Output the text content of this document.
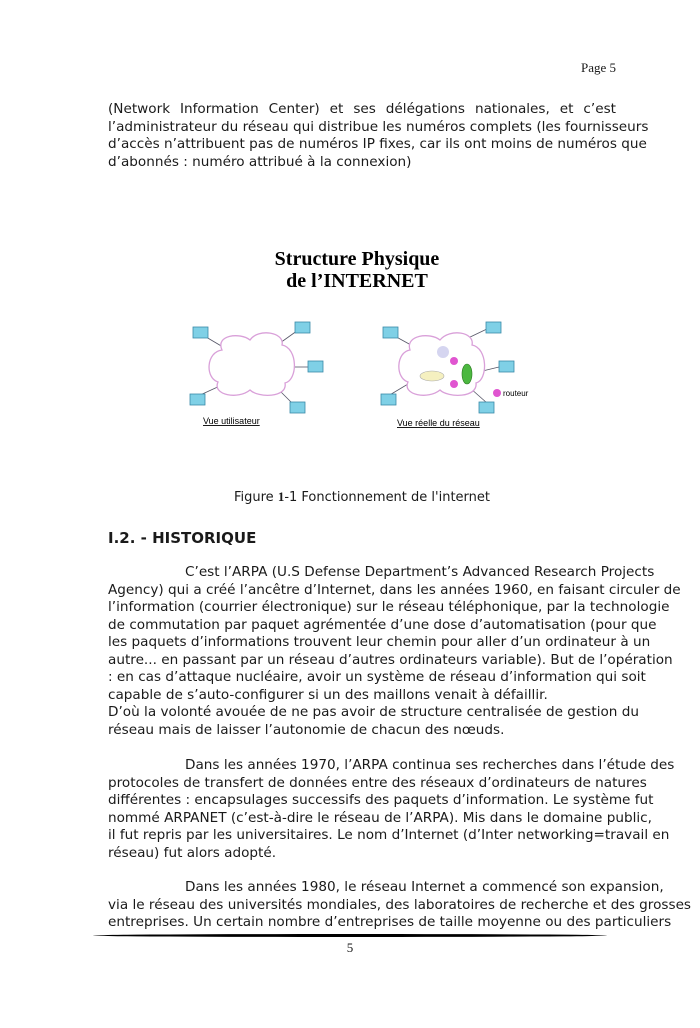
Page 5
(Network Information Center) et ses délégations nationales, et c’est
l’administrateur du réseau qui distribue les numéros complets (les fournisseurs
d’accès n’attribuent pas de numéros IP fixes, car ils ont moins de numéros que
d’abonnés : numéro attribué à la connexion)
Structure Physique
de l’INTERNET
Vue utilisateur
routeur
Vue réelle du réseau
Figure 1-1 Fonctionnement de l'internet
I.2. - HISTORIQUE
C’est l’ARPA (U.S Defense Department’s Advanced Research Projects
Agency) qui a créé l’ancêtre d’Internet, dans les années 1960, en faisant circuler de
l’information (courrier électronique) sur le réseau téléphonique, par la technologie
de commutation par paquet agrémentée d’une dose d’automatisation (pour que
les paquets d’informations trouvent leur chemin pour aller d’un ordinateur à un
autre... en passant par un réseau d’autres ordinateurs variable). But de l’opération
: en cas d’attaque nucléaire, avoir un système de réseau d’information qui soit
capable de s’auto-configurer si un des maillons venait à défaillir.
D’où la volonté avouée de ne pas avoir de structure centralisée de gestion du
réseau mais de laisser l’autonomie de chacun des nœuds.
Dans les années 1970, l’ARPA continua ses recherches dans l’étude des
protocoles de transfert de données entre des réseaux d’ordinateurs de natures
différentes : encapsulages successifs des paquets d’information. Le système fut
nommé ARPANET (c’est-à-dire le réseau de l’ARPA). Mis dans le domaine public,
il fut repris par les universitaires. Le nom d’Internet (d’Inter networking=travail en
réseau) fut alors adopté.
Dans les années 1980, le réseau Internet a commencé son expansion,
via le réseau des universités mondiales, des laboratoires de recherche et des grosses
entreprises. Un certain nombre d’entreprises de taille moyenne ou des particuliers
5
